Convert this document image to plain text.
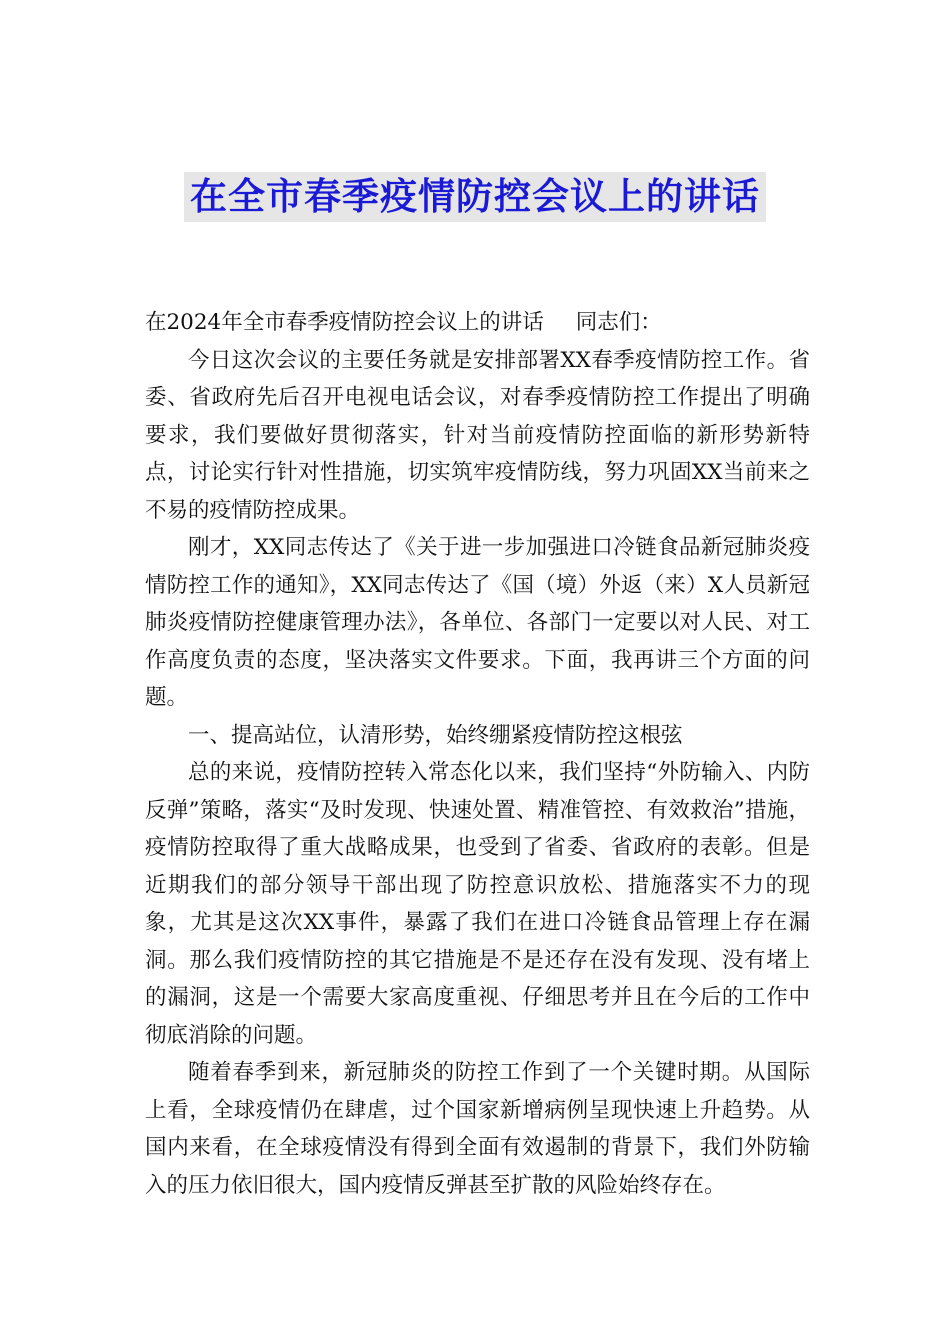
在全市春季疫情防控会议上的讲话

在2024年全市春季疫情防控会议上的讲话 同志们：

今日这次会议的主要任务就是安排部署XX春季疫情防控工作。省委、省政府先后召开电视电话会议，对春季疫情防控工作提出了明确要求，我们要做好贯彻落实，针对当前疫情防控面临的新形势新特点，讨论实行针对性措施，切实筑牢疫情防线，努力巩固XX当前来之不易的疫情防控成果。

刚才，XX同志传达了《关于进一步加强进口冷链食品新冠肺炎疫情防控工作的通知》，XX同志传达了《国（境）外返（来）X人员新冠肺炎疫情防控健康管理办法》，各单位、各部门一定要以对人民、对工作高度负责的态度，坚决落实文件要求。下面，我再讲三个方面的问题。

一、提高站位，认清形势，始终绷紧疫情防控这根弦

总的来说，疫情防控转入常态化以来，我们坚持“外防输入、内防反弹”策略，落实“及时发现、快速处置、精准管控、有效救治”措施，疫情防控取得了重大战略成果，也受到了省委、省政府的表彰。但是近期我们的部分领导干部出现了防控意识放松、措施落实不力的现象，尤其是这次XX事件，暴露了我们在进口冷链食品管理上存在漏洞。那么我们疫情防控的其它措施是不是还存在没有发现、没有堵上的漏洞，这是一个需要大家高度重视、仔细思考并且在今后的工作中彻底消除的问题。

随着春季到来，新冠肺炎的防控工作到了一个关键时期。从国际上看，全球疫情仍在肆虐，过个国家新增病例呈现快速上升趋势。从国内来看，在全球疫情没有得到全面有效遏制的背景下，我们外防输入的压力依旧很大，国内疫情反弹甚至扩散的风险始终存在。
